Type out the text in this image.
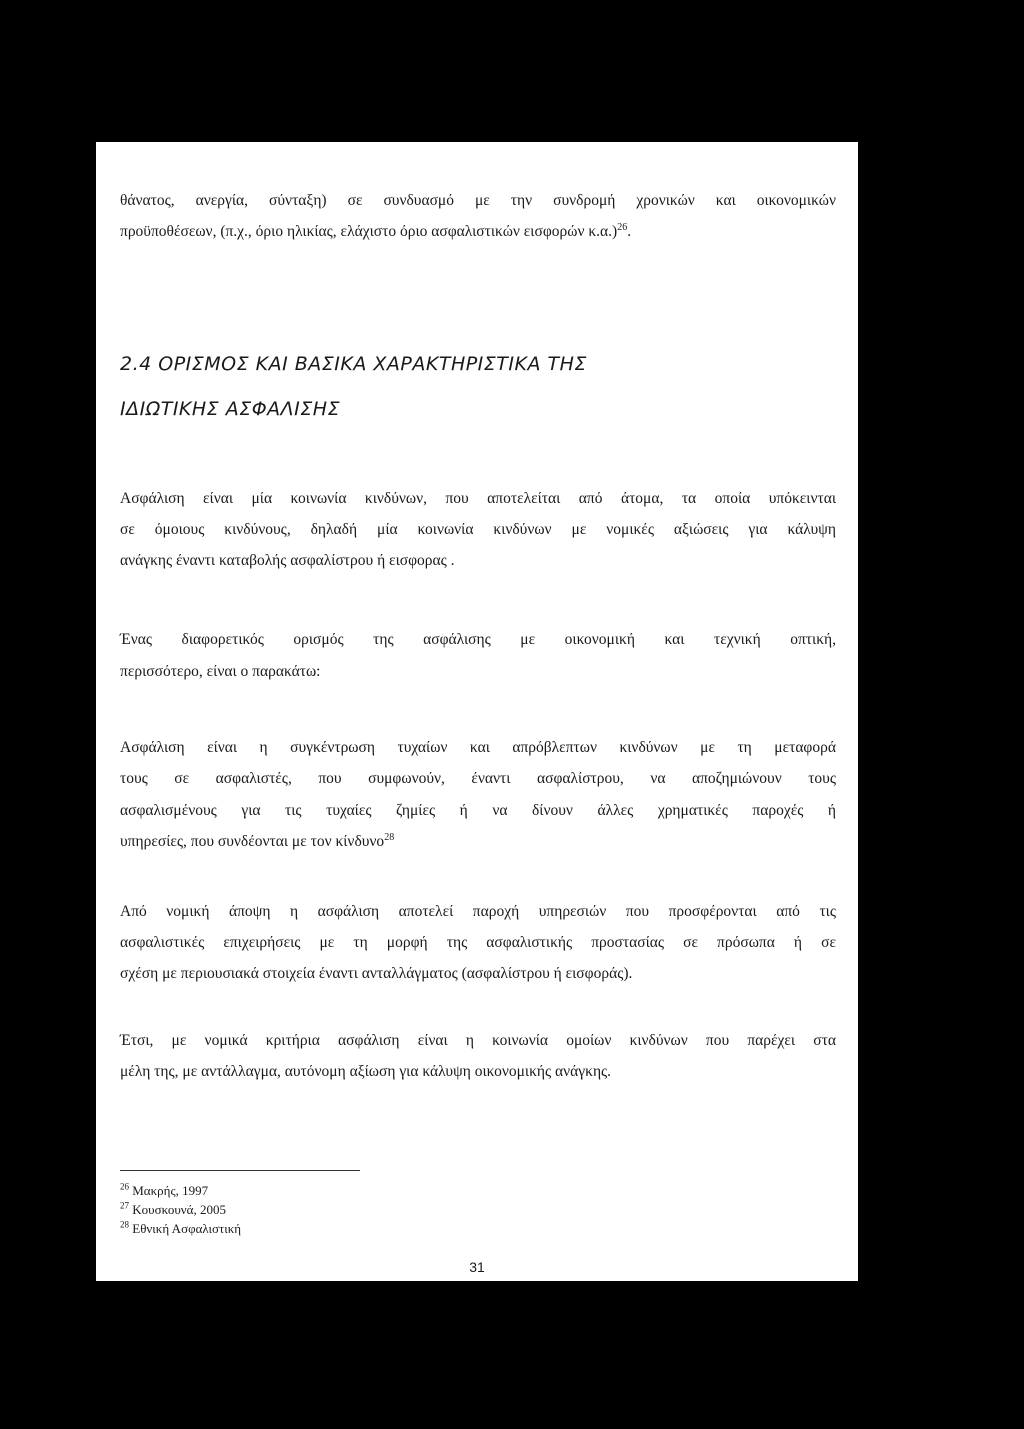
θάνατος, ανεργία, σύνταξη) σε συνδυασμό με την συνδρομή χρονικών και οικονομικών
προϋποθέσεων, (π.χ., όριο ηλικίας, ελάχιστο όριο ασφαλιστικών εισφορών κ.α.)$^{26}$.
2.4 ΟΡΙΣΜΟΣ ΚΑΙ ΒΑΣΙΚΑ ΧΑΡΑΚΤΗΡΙΣΤΙΚΑ ΤΗΣ
ΙΔΙΩΤΙΚΗΣ ΑΣΦΑΛΙΣΗΣ
Ασφάλιση είναι μία κοινωνία κινδύνων, που αποτελείται από άτομα, τα οποία υπόκεινται
σε όμοιους κινδύνους, δηλαδή μία κοινωνία κινδύνων με νομικές αξιώσεις για κάλυψη
ανάγκης έναντι καταβολής ασφαλίστρου ή εισφορας .
Ένας διαφορετικός ορισμός της ασφάλισης με οικονομική και τεχνική οπτική,
περισσότερο, είναι ο παρακάτω:
Ασφάλιση είναι η συγκέντρωση τυχαίων και απρόβλεπτων κινδύνων με τη μεταφορά
τους σε ασφαλιστές, που συμφωνούν, έναντι ασφαλίστρου, να αποζημιώνουν τους
ασφαλισμένους για τις τυχαίες ζημίες ή να δίνουν άλλες χρηματικές παροχές ή
υπηρεσίες, που συνδέονται με τον κίνδυνο$^{28}$
Από νομική άποψη η ασφάλιση αποτελεί παροχή υπηρεσιών που προσφέρονται από τις
ασφαλιστικές επιχειρήσεις με τη μορφή της ασφαλιστικής προστασίας σε πρόσωπα ή σε
σχέση με περιουσιακά στοιχεία έναντι ανταλλάγματος (ασφαλίστρου ή εισφοράς).
Έτσι, με νομικά κριτήρια ασφάλιση είναι η κοινωνία ομοίων κινδύνων που παρέχει στα
μέλη της, με αντάλλαγμα, αυτόνομη αξίωση για κάλυψη οικονομικής ανάγκης.
$^{26}$ Μακρής, 1997
$^{27}$ Κουσκουνά, 2005
$^{28}$ Εθνική Ασφαλιστική
31
